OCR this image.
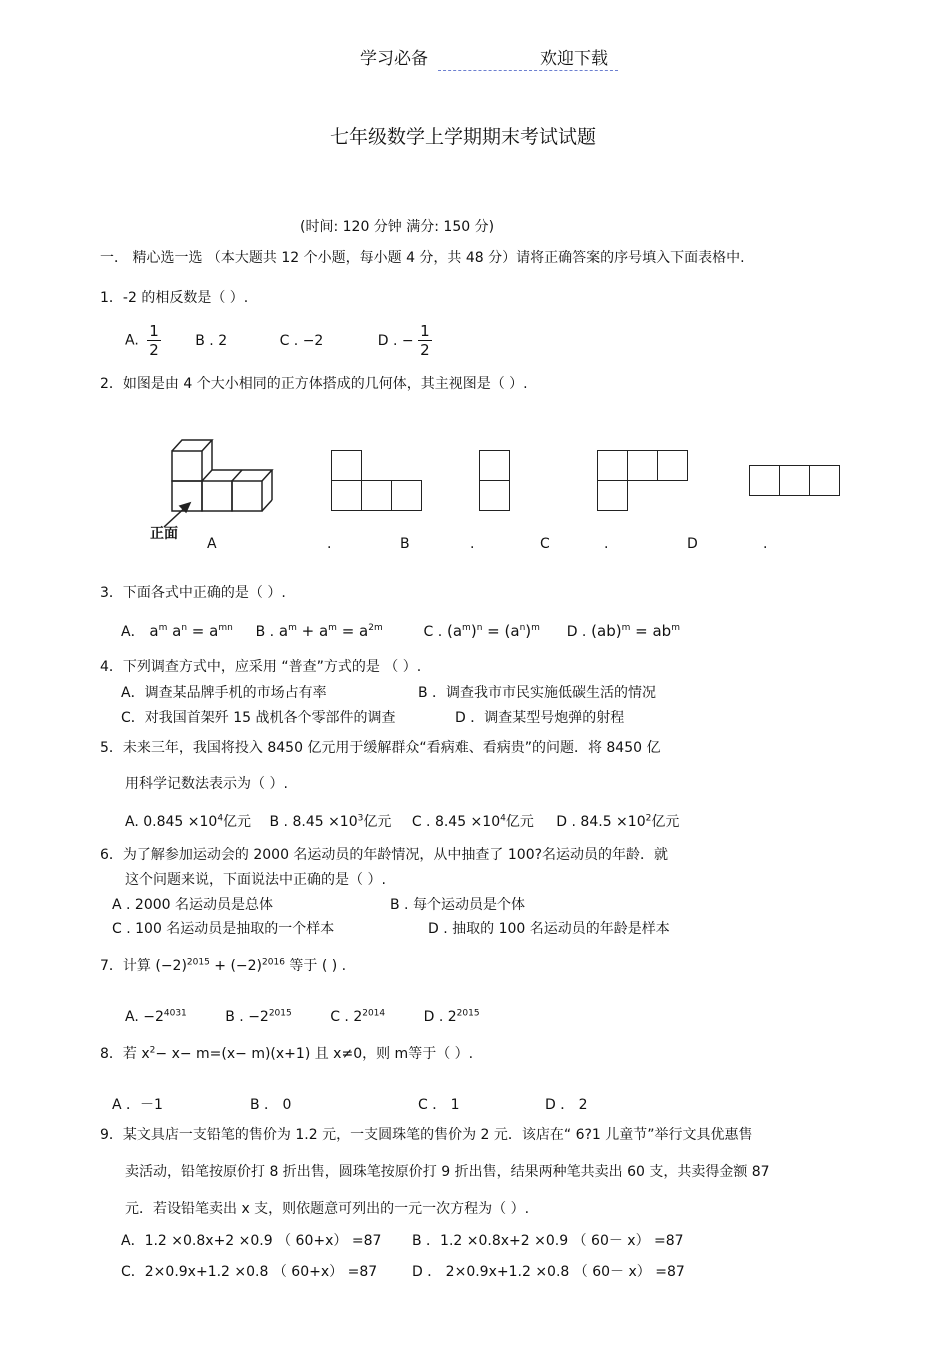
学习必备	欢迎下载
七年级数学上学期期末考试试题
(时间: 120 分钟 满分: 150 分)
一． 精心选一选 （本大题共 12 个小题，每小题 4 分，共 48 分）请将正确答案的序号填入下面表格中.
1．-2 的相反数是（ ）.
A. $\frac{1}{2}$ B . 2	C . −2	D . − $\frac{1}{2}$
2．如图是由 4 个大小相同的正方体搭成的几何体，其主视图是（ ）.
正面
A	.	B	.	C	.	D	.
3．下面各式中正确的是（ ）.
A． $a^m$ $a^n = a^{mn}$ B . $a^m + a^m = a^{2m}$	C . $(a^m)^n = (a^n)^m$ D . $(ab)^m = ab^m$
4．下列调查方式中，应采用 “普查”方式的是 （ ）.
A．调查某品牌手机的市场占有率	B ．调查我市市民实施低碳生活的情况
C．对我国首架歼 15 战机各个零部件的调查	D ．调查某型号炮弹的射程
5．未来三年，我国将投入 8450 亿元用于缓解群众“看病难、看病贵”的问题．将 8450 亿
用科学记数法表示为（ ）.
A. $0.845 \times 10^4$亿元 B . $8.45 \times 10^3$亿元 C . $8.45 \times 10^4$亿元 D . $84.5 \times 10^2$亿元
6．为了解参加运动会的 2000 名运动员的年龄情况，从中抽查了 100?名运动员的年龄．就
这个问题来说，下面说法中正确的是（ ）.
A . 2000 名运动员是总体	B . 每个运动员是个体
C . 100 名运动员是抽取的一个样本	D . 抽取的 100 名运动员的年龄是样本
7．计算 $(-2)^{2015} + (-2)^{2016}$ 等于 ( ) .
A. $-2^{4031}$	B . $-2^{2015}$	C . $2^{2014}$	D . $2^{2015}$
8．若 $x^2- x- m=(x- m)(x+1)$ 且 x≠0，则 m等于（ ）.
A ．－1	B ． 0	C ． 1	D ． 2
9．某文具店一支铅笔的售价为 1.2 元，一支圆珠笔的售价为 2 元．该店在“ 6?1 儿童节”举行文具优惠售
卖活动，铅笔按原价打 8 折出售，圆珠笔按原价打 9 折出售，结果两种笔共卖出 60 支，共卖得金额 87
元．若设铅笔卖出 x 支，则依题意可列出的一元一次方程为（ ）.
A．1.2 ×0.8x+2 ×0.9 （ 60+x） =87 B ．1.2 ×0.8x+2 ×0.9 （ 60－ x） =87
C．2×0.9x+1.2 ×0.8 （ 60+x） =87 D ． 2×0.9x+1.2 ×0.8 （ 60－ x） =87
